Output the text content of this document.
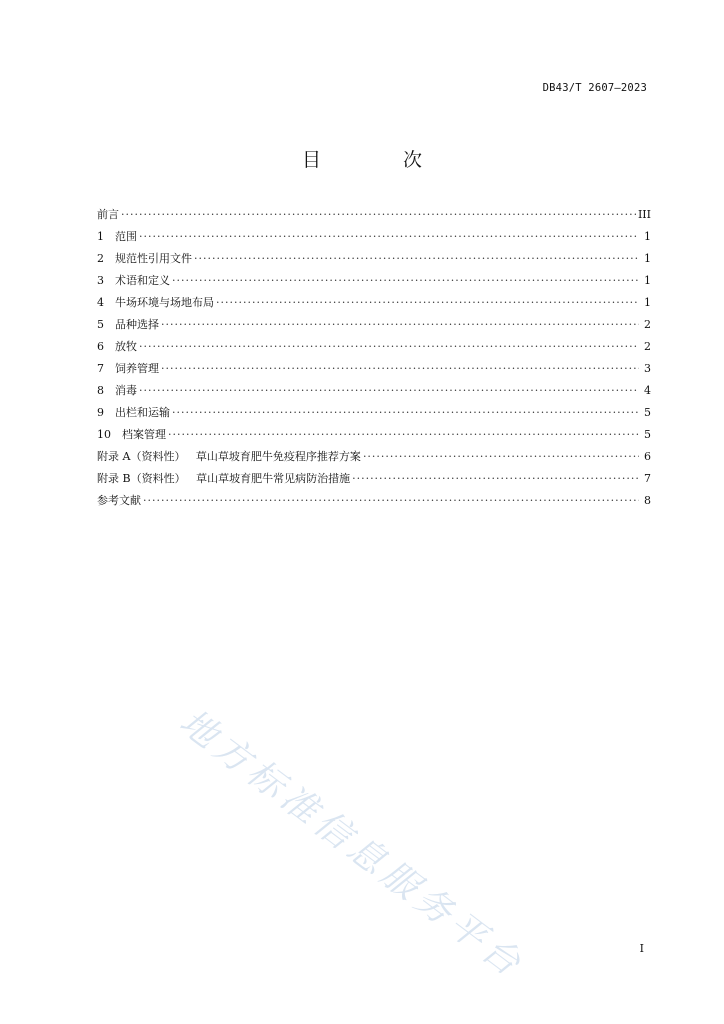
DB43/T 2607—2023
目 次
前言 ·····	III
1	范围 ·····	1
2	规范性引用文件 ·····	1
3	术语和定义 ·····	1
4	牛场环境与场地布局 ·····	1
5	品种选择 ·····	2
6	放牧 ·····	2
7	饲养管理 ·····	3
8	消毒 ·····	4
9	出栏和运输 ·····	5
10	档案管理 ·····	5
附录 A（资料性）   草山草坡育肥牛免疫程序推荐方案 ·····	6
附录 B（资料性）   草山草坡育肥牛常见病防治措施 ·····	7
参考文献 ·····	8
地方标准信息服务平台	I
